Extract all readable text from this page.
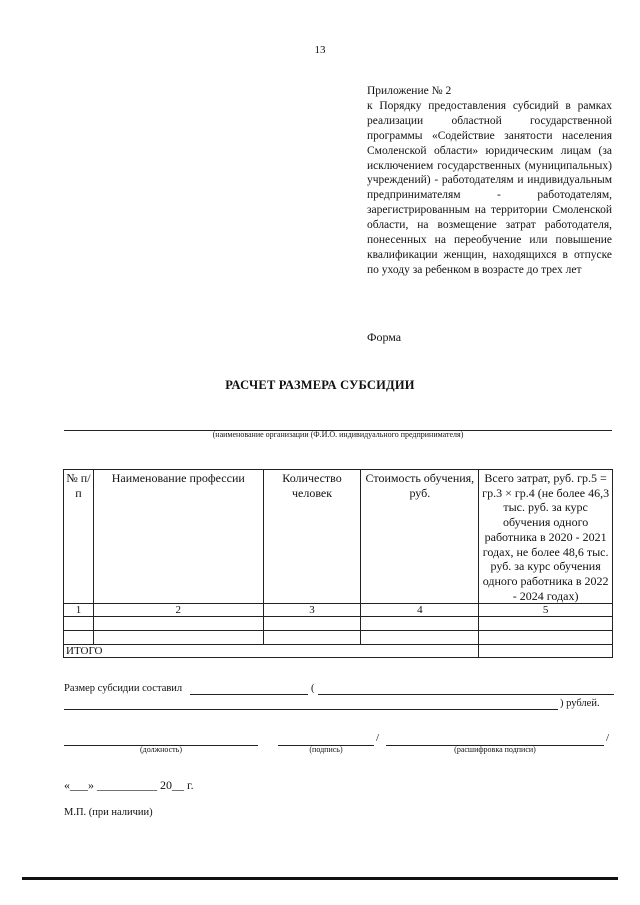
13
Приложение № 2
к Порядку предоставления субсидий в рамках реализации областной государственной программы «Содействие занятости населения Смоленской области» юридическим лицам (за исключением государственных (муниципальных) учреждений) - работодателям и индивидуальным предпринимателям - работодателям, зарегистрированным на территории Смоленской области, на возмещение затрат работодателя, понесенных на переобучение или повышение квалификации женщин, находящихся в отпуске по уходу за ребенком в возрасте до трех лет
Форма
РАСЧЕТ РАЗМЕРА СУБСИДИИ
(наименование организации (Ф.И.О. индивидуального предпринимателя)
№ п/п	Наименование профессии	Количество человек	Стоимость обучения, руб.	Всего затрат, руб. гр.5 = гр.3 × гр.4 (не более 46,3 тыс. руб. за курс обучения одного работника в 2020 - 2021 годах, не более 48,6 тыс. руб. за курс обучения одного работника в 2022 - 2024 годах)
1	2	3	4	5

ИТОГО				
Размер субсидии составил	(
) рублей.
/	/
(должность)	(подпись)	(расшифровка подписи)
«___» __________ 20__ г.
М.П. (при наличии)
